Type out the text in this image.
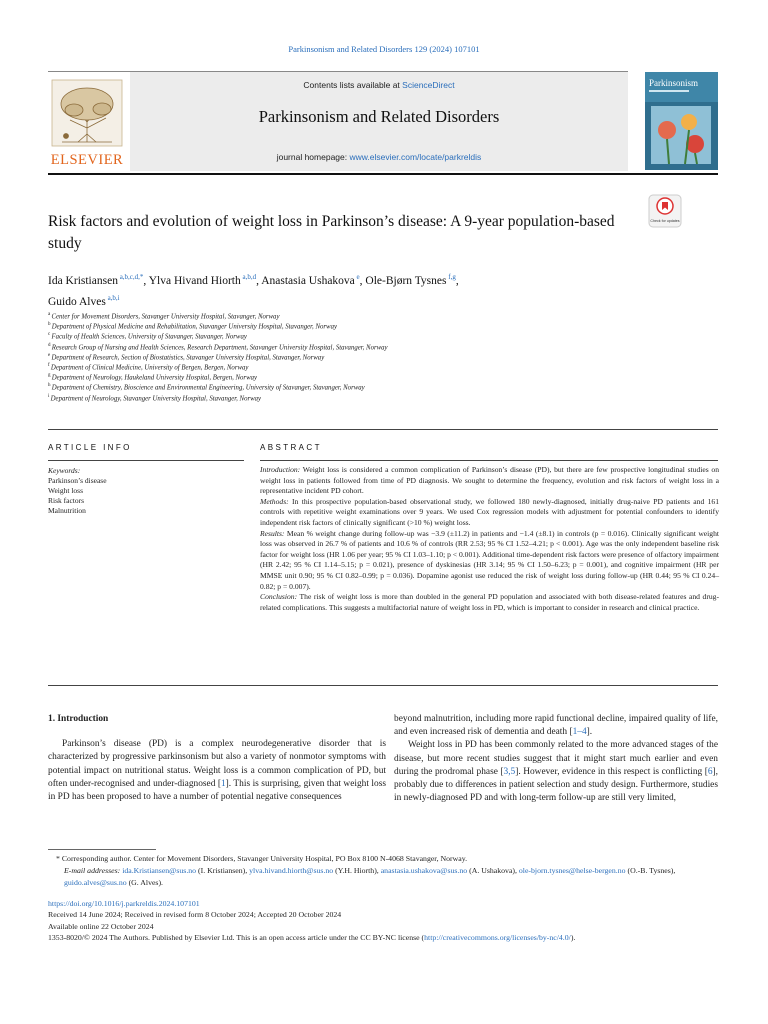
Parkinsonism and Related Disorders 129 (2024) 107101
ELSEVIER
Contents lists available at ScienceDirect
Parkinsonism and Related Disorders
journal homepage: www.elsevier.com/locate/parkreldis
Parkinsonism
Check for updates
Risk factors and evolution of weight loss in Parkinson’s disease: A 9-year population-based study
Ida Kristiansen $^{a,b,c,d,*}$, Ylva Hivand Hiorth $^{a,b,d}$, Anastasia Ushakova $^e$, Ole-Bjørn Tysnes $^{f,g}$,
Guido Alves $^{a,b,i}$
$^a$ Center for Movement Disorders, Stavanger University Hospital, Stavanger, Norway
$^b$ Department of Physical Medicine and Rehabilitation, Stavanger University Hospital, Stavanger, Norway
$^c$ Faculty of Health Sciences, University of Stavanger, Stavanger, Norway
$^d$ Research Group of Nursing and Health Sciences, Research Department, Stavanger University Hospital, Stavanger, Norway
$^e$ Department of Research, Section of Biostatistics, Stavanger University Hospital, Stavanger, Norway
$^f$ Department of Clinical Medicine, University of Bergen, Bergen, Norway
$^g$ Department of Neurology, Haukeland University Hospital, Bergen, Norway
$^h$ Department of Chemistry, Bioscience and Environmental Engineering, University of Stavanger, Stavanger, Norway
$^i$ Department of Neurology, Stavanger University Hospital, Stavanger, Norway
ARTICLE INFO	ABSTRACT
Keywords:
Parkinson’s disease
Weight loss
Risk factors
Malnutrition

Introduction: Weight loss is considered a common complication of Parkinson’s disease (PD), but there are few prospective longitudinal studies on weight loss in patients followed from time of PD diagnosis. We sought to determine the frequency, evolution and risk factors of weight loss in a representative incident PD cohort.

Methods: In this prospective population-based observational study, we followed 180 newly-diagnosed, initially drug-naive PD patients and 161 controls with repetitive weight examinations over 9 years. We used Cox regression models with adjustment for potential confounders to identify independent risk factors of clinically significant (>10 %) weight loss.

Results: Mean % weight change during follow-up was −3.9 (±11.2) in patients and −1.4 (±8.1) in controls (p = 0.016). Clinically significant weight loss was observed in 26.7 % of patients and 10.6 % of controls (RR 2.53; 95 % CI 1.52–4.21; p < 0.001). Age was the only independent baseline risk factor for weight loss (HR 1.06 per year; 95 % CI 1.03–1.10; p < 0.001). Additional time-dependent risk factors were presence of olfactory impairment (HR 2.42; 95 % CI 1.14–5.15; p = 0.021), presence of dyskinesias (HR 3.14; 95 % CI 1.50–6.23; p = 0.001), and cognitive impairment (HR per MMSE unit 0.90; 95 % CI 0.82–0.99; p = 0.036). Dopamine agonist use reduced the risk of weight loss during follow-up (HR 0.44; 95 % CI 0.24–0.82; p = 0.007).

Conclusion: The risk of weight loss is more than doubled in the general PD population and associated with both disease-related features and drug-related complications. This suggests a multifactorial nature of weight loss in PD, which is important to consider in research and clinical practice.

1. Introduction

Parkinson’s disease (PD) is a complex neurodegenerative disorder that is characterized by progressive parkinsonism but also a variety of nonmotor symptoms with potential impact on nutritional status. Weight loss is a common complication of PD, but often under-recognised and under-diagnosed [1]. This is surprising, given that weight loss in PD has been proposed to have a number of potential negative consequences

beyond malnutrition, including more rapid functional decline, impaired quality of life, and even increased risk of dementia and death [1–4].

Weight loss in PD has been commonly related to the more advanced stages of the disease, but more recent studies suggest that it might start much earlier and even during the prodromal phase [3,5]. However, evidence in this respect is conflicting [6], probably due to differences in patient selection and study design. Furthermore, studies in newly-diagnosed PD and with long-term follow-up are still very limited,

* Corresponding author. Center for Movement Disorders, Stavanger University Hospital, PO Box 8100 N-4068 Stavanger, Norway.
E-mail addresses: ida.Kristiansen@sus.no (I. Kristiansen), ylva.hivand.hiorth@sus.no (Y.H. Hiorth), anastasia.ushakova@sus.no (A. Ushakova), ole-bjorn.tysnes@helse-bergen.no (O.-B. Tysnes), guido.alves@sus.no (G. Alves).
https://doi.org/10.1016/j.parkreldis.2024.107101
Received 14 June 2024; Received in revised form 8 October 2024; Accepted 20 October 2024
Available online 22 October 2024
1353-8020/© 2024 The Authors. Published by Elsevier Ltd. This is an open access article under the CC BY-NC license (http://creativecommons.org/licenses/by-nc/4.0/).
